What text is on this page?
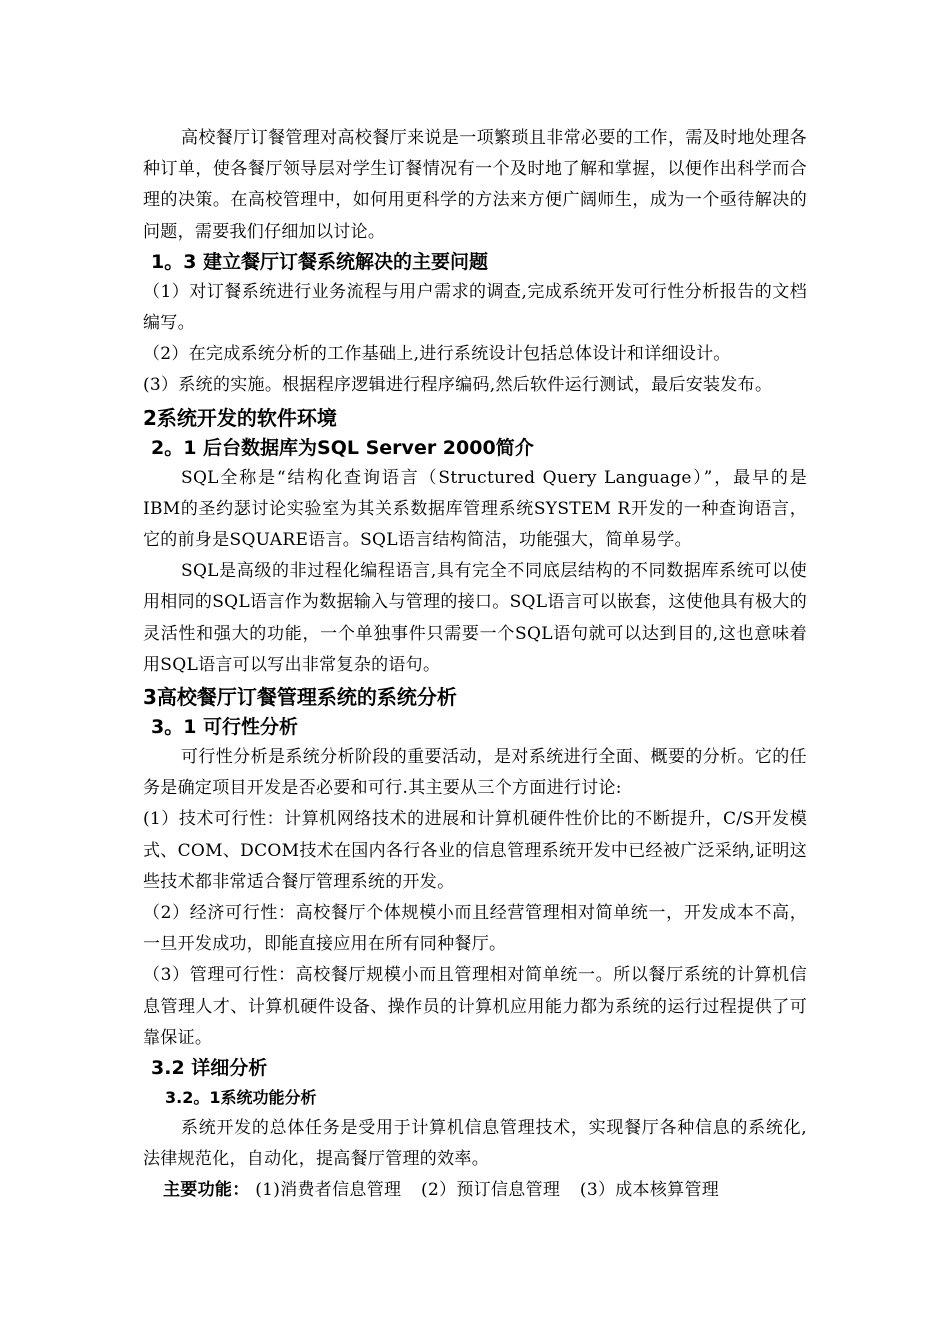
高校餐厅订餐管理对高校餐厅来说是一项繁琐且非常必要的工作，需及时地处理各种订单，使各餐厅领导层对学生订餐情况有一个及时地了解和掌握，以便作出科学而合理的决策。在高校管理中，如何用更科学的方法来方便广阔师生，成为一个亟待解决的问题，需要我们仔细加以讨论。

1。3 建立餐厅订餐系统解决的主要问题

（1）对订餐系统进行业务流程与用户需求的调查,完成系统开发可行性分析报告的文档编写。

（2）在完成系统分析的工作基础上,进行系统设计包括总体设计和详细设计。

(3）系统的实施。根据程序逻辑进行程序编码,然后软件运行测试，最后安装发布。

2系统开发的软件环境
2。1 后台数据库为SQL Server 2000简介

SQL全称是“结构化查询语言（Structured Query Language）”，最早的是IBM的圣约瑟讨论实验室为其关系数据库管理系统SYSTEM R开发的一种查询语言，它的前身是SQUARE语言。SQL语言结构简洁，功能强大，简单易学。

SQL是高级的非过程化编程语言,具有完全不同底层结构的不同数据库系统可以使用相同的SQL语言作为数据输入与管理的接口。SQL语言可以嵌套，这使他具有极大的灵活性和强大的功能，一个单独事件只需要一个SQL语句就可以达到目的,这也意味着用SQL语言可以写出非常复杂的语句。

3高校餐厅订餐管理系统的系统分析
3。1 可行性分析

可行性分析是系统分析阶段的重要活动，是对系统进行全面、概要的分析。它的任务是确定项目开发是否必要和可行.其主要从三个方面进行讨论:

(1）技术可行性：计算机网络技术的进展和计算机硬件性价比的不断提升，C/S开发模式、COM、DCOM技术在国内各行各业的信息管理系统开发中已经被广泛采纳,证明这些技术都非常适合餐厅管理系统的开发。

（2）经济可行性：高校餐厅个体规模小而且经营管理相对简单统一，开发成本不高，一旦开发成功，即能直接应用在所有同种餐厅。

（3）管理可行性：高校餐厅规模小而且管理相对简单统一。所以餐厅系统的计算机信息管理人才、计算机硬件设备、操作员的计算机应用能力都为系统的运行过程提供了可靠保证。

3.2 详细分析
3.2。1系统功能分析

系统开发的总体任务是受用于计算机信息管理技术，实现餐厅各种信息的系统化,法律规范化，自动化，提高餐厅管理的效率。

主要功能： (1)消费者信息管理 (2）预订信息管理 (3）成本核算管理
